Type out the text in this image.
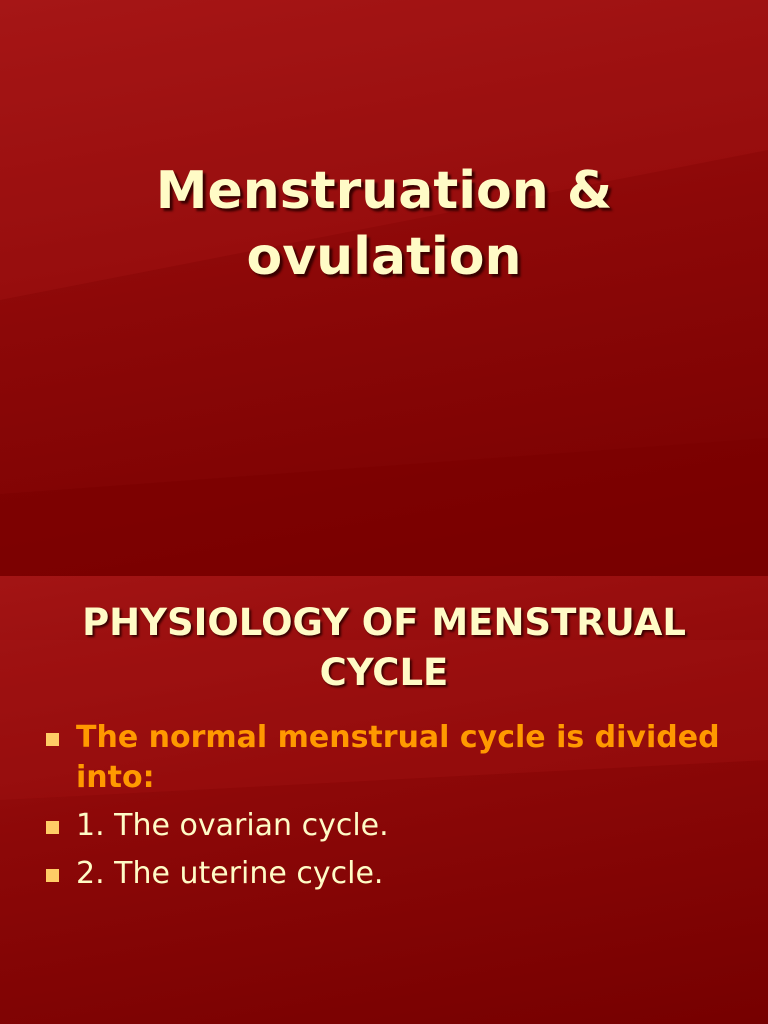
Menstruation &
ovulation
PHYSIOLOGY OF MENSTRUAL
CYCLE
The normal menstrual cycle is divided into:
1. The ovarian cycle.
2. The uterine cycle.
